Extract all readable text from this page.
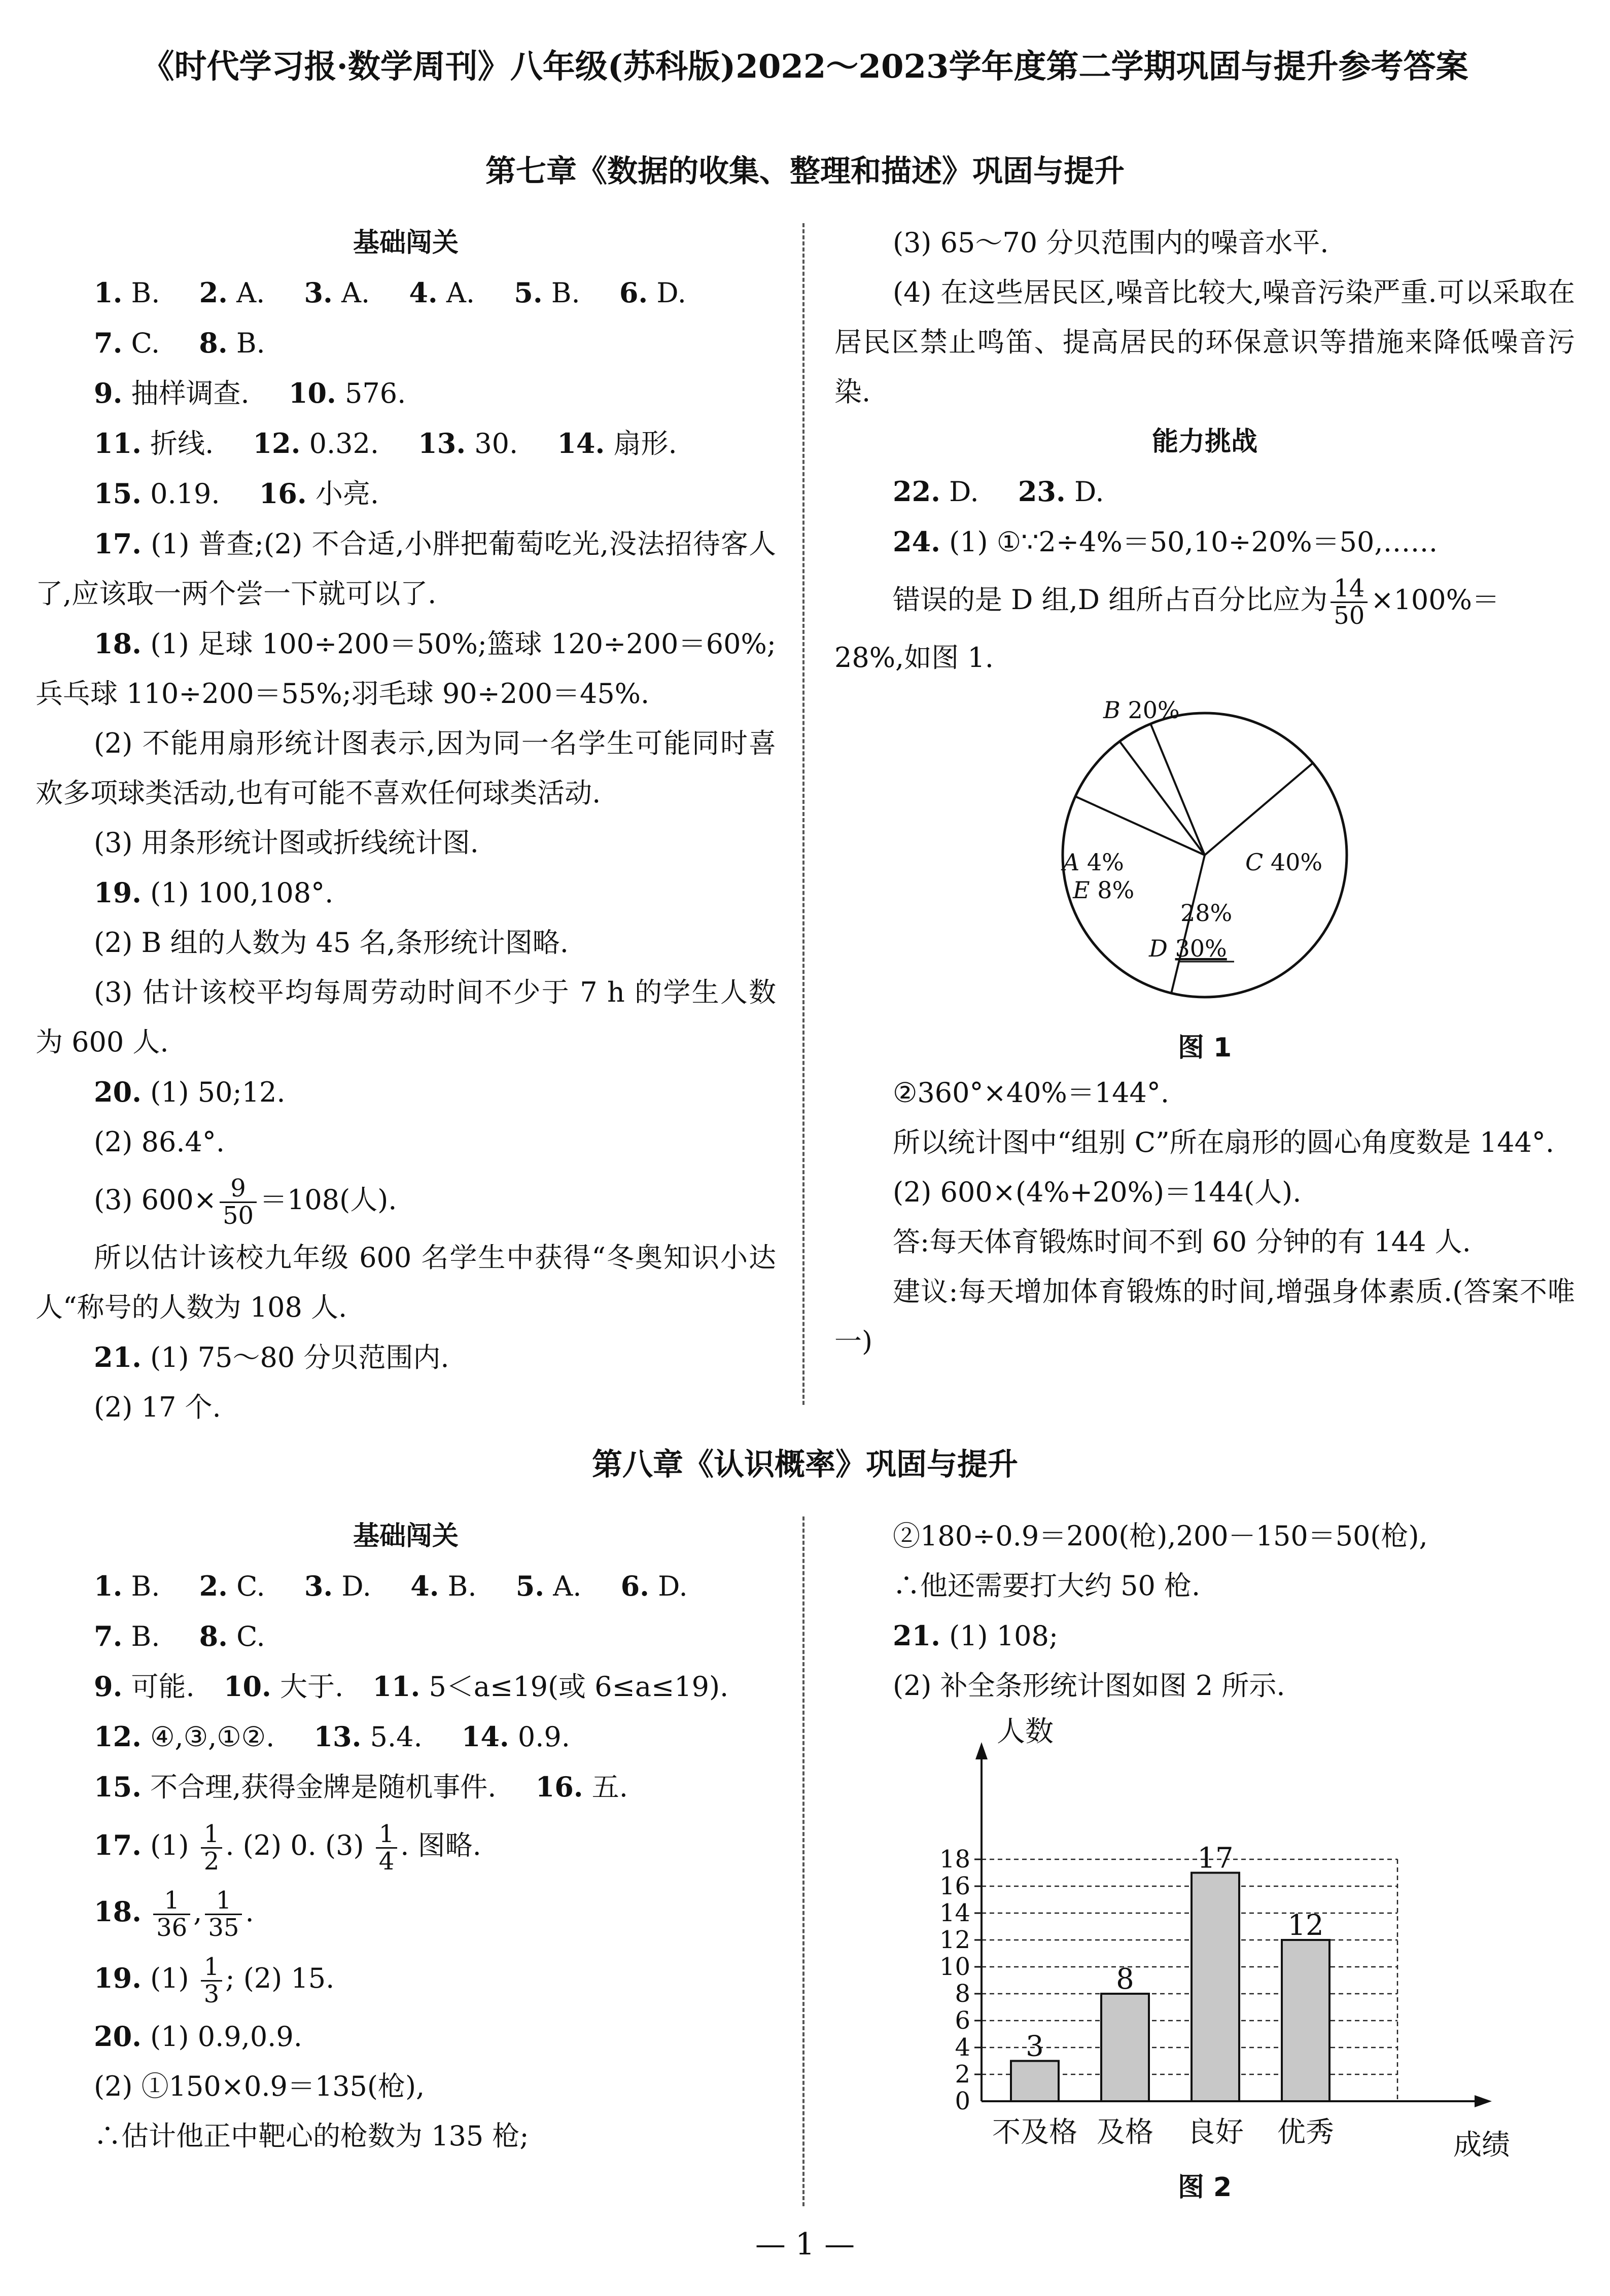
《时代学习报·数学周刊》八年级(苏科版)2022～2023学年度第二学期巩固与提升参考答案
第七章《数据的收集、整理和描述》巩固与提升

基础闯关

1. B. 2. A. 3. A. 4. A. 5. B. 6. D.

7. C. 8. B.

9. 抽样调查. 10. 576.

11. 折线. 12. 0.32. 13. 30. 14. 扇形.

15. 0.19. 16. 小亮.

17. (1) 普查;(2) 不合适,小胖把葡萄吃光,没法招待客人了,应该取一两个尝一下就可以了.

18. (1) 足球 100÷200＝50%;篮球 120÷200＝60%;兵乓球 110÷200＝55%;羽毛球 90÷200＝45%.

(2) 不能用扇形统计图表示,因为同一名学生可能同时喜欢多项球类活动,也有可能不喜欢任何球类活动.

(3) 用条形统计图或折线统计图.

19. (1) 100,108°.

(2) B 组的人数为 45 名,条形统计图略.

(3) 估计该校平均每周劳动时间不少于 7 h 的学生人数为 600 人.

20. (1) 50;12.

(2) 86.4°.

(3) $600\times \frac{9}{50} =108$(人).

所以估计该校九年级 600 名学生中获得“冬奥知识小达人“称号的人数为 108 人.

21. (1) 75～80 分贝范围内.

(2) 17 个.

(3) 65～70 分贝范围内的噪音水平.

(4) 在这些居民区,噪音比较大,噪音污染严重.可以采取在居民区禁止鸣笛、提高居民的环保意识等措施来降低噪音污染.

能力挑战

22. D. 23. D.

24. (1) ①∵2÷4%＝50,10÷20%＝50,……

错误的是 D 组,D 组所占百分比应为 $\frac{14}{50} \times 100\%=$

28%,如图 1.

B 20%
C 40%
D 30%
E 8%
A 4%
28%

图 1

②360°×40%＝144°.

所以统计图中“组别 C”所在扇形的圆心角度数是 144°.

(2) 600×(4%+20%)＝144(人).

答:每天体育锻炼时间不到 60 分钟的有 144 人.

建议:每天增加体育锻炼的时间,增强身体素质.(答案不唯一)

第八章《认识概率》巩固与提升

基础闯关

1. B. 2. C. 3. D. 4. B. 5. A. 6. D.

7. B. 8. C.

9. 可能. 10. 大于. 11. 5＜a≤19(或 6≤a≤19).

12. ④,③,①②. 13. 5.4. 14. 0.9.

15. 不合理,获得金牌是随机事件. 16. 五.

17. $(1) \frac{1}{2}$ . (2) 0. $(3) \frac{1}{4}$ . 图略.

18. $\frac{1}{36}$ , $\frac{1}{35}$ .

19. $(1) \frac{1}{3}$ ; (2) 15.

20. (1) 0.9,0.9.

(2) ①150×0.9＝135(枪),

∴估计他正中靶心的枪数为 135 枪;

②180÷0.9＝200(枪),200－150＝50(枪),

∴他还需要打大约 50 枪.

21. (1) 108;

(2) 补全条形统计图如图 2 所示.

0
2
4
6
8
10
12
14
16
18
人数
成绩
3
不及格
8
及格
17
良好
12
优秀

图 2

— 1 —
